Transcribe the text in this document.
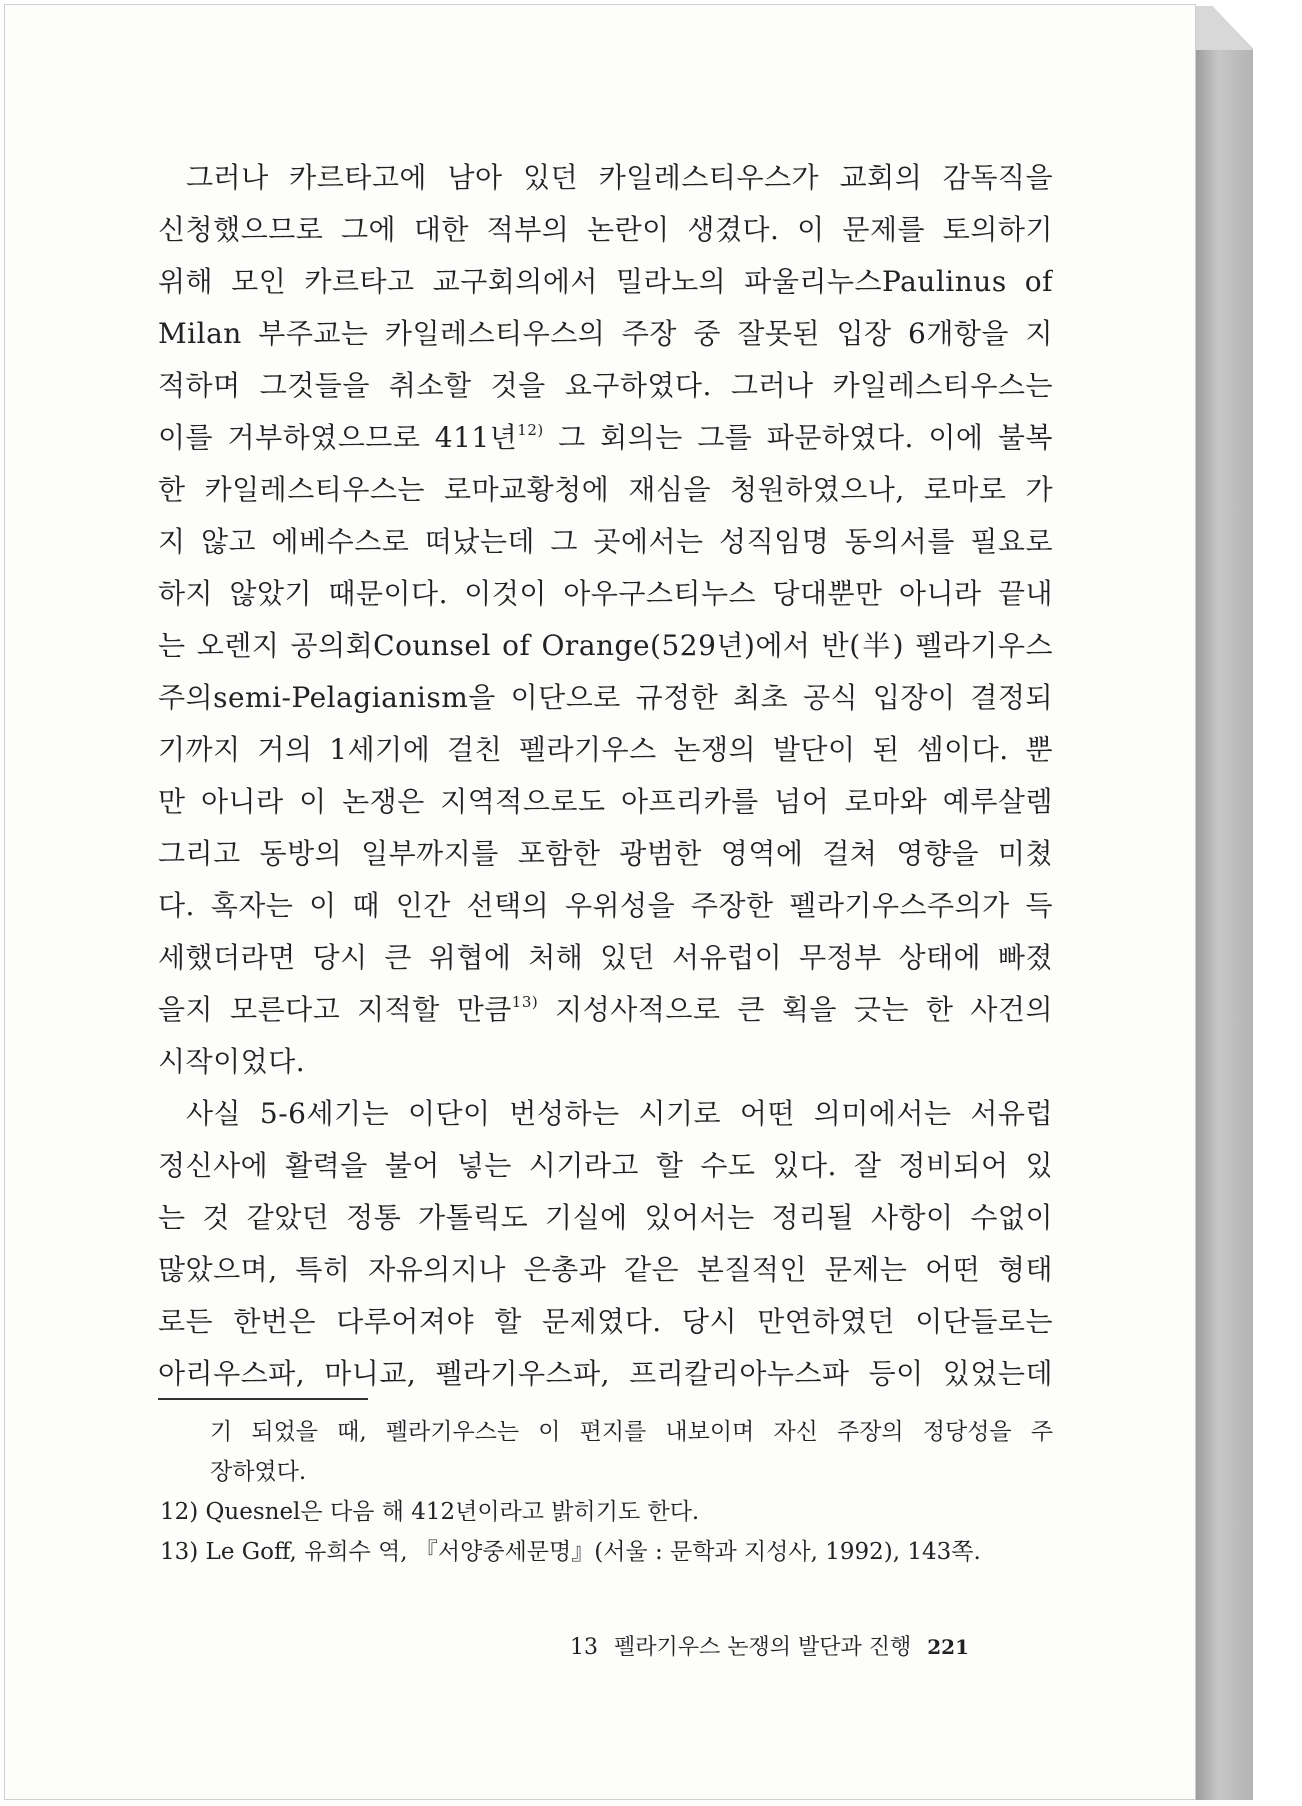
그러나 카르타고에 남아 있던 카일레스티우스가 교회의 감독직을
신청했으므로 그에 대한 적부의 논란이 생겼다. 이 문제를 토의하기
위해 모인 카르타고 교구회의에서 밀라노의 파울리누스Paulinus of
Milan 부주교는 카일레스티우스의 주장 중 잘못된 입장 6개항을 지
적하며 그것들을 취소할 것을 요구하였다. 그러나 카일레스티우스는
이를 거부하였으므로 411년$^{12)}$ 그 회의는 그를 파문하였다. 이에 불복
한 카일레스티우스는 로마교황청에 재심을 청원하였으나, 로마로 가
지 않고 에베수스로 떠났는데 그 곳에서는 성직임명 동의서를 필요로
하지 않았기 때문이다. 이것이 아우구스티누스 당대뿐만 아니라 끝내
는 오렌지 공의회Counsel of Orange(529년)에서 반(半) 펠라기우스
주의semi-Pelagianism을 이단으로 규정한 최초 공식 입장이 결정되
기까지 거의 1세기에 걸친 펠라기우스 논쟁의 발단이 된 셈이다. 뿐
만 아니라 이 논쟁은 지역적으로도 아프리카를 넘어 로마와 예루살렘
그리고 동방의 일부까지를 포함한 광범한 영역에 걸쳐 영향을 미쳤
다. 혹자는 이 때 인간 선택의 우위성을 주장한 펠라기우스주의가 득
세했더라면 당시 큰 위협에 처해 있던 서유럽이 무정부 상태에 빠졌
을지 모른다고 지적할 만큼$^{13)}$ 지성사적으로 큰 획을 긋는 한 사건의
시작이었다.
사실 5-6세기는 이단이 번성하는 시기로 어떤 의미에서는 서유럽
정신사에 활력을 불어 넣는 시기라고 할 수도 있다. 잘 정비되어 있
는 것 같았던 정통 가톨릭도 기실에 있어서는 정리될 사항이 수없이
많았으며, 특히 자유의지나 은총과 같은 본질적인 문제는 어떤 형태
로든 한번은 다루어져야 할 문제였다. 당시 만연하였던 이단들로는
아리우스파, 마니교, 펠라기우스파, 프리칼리아누스파 등이 있었는데
기 되었을 때, 펠라기우스는 이 편지를 내보이며 자신 주장의 정당성을 주
장하였다.
12) Quesnel은 다음 해 412년이라고 밝히기도 한다.
13) Le Goff, 유희수 역, 『서양중세문명』(서울 : 문학과 지성사, 1992), 143쪽.
13 펠라기우스 논쟁의 발단과 진행 221
